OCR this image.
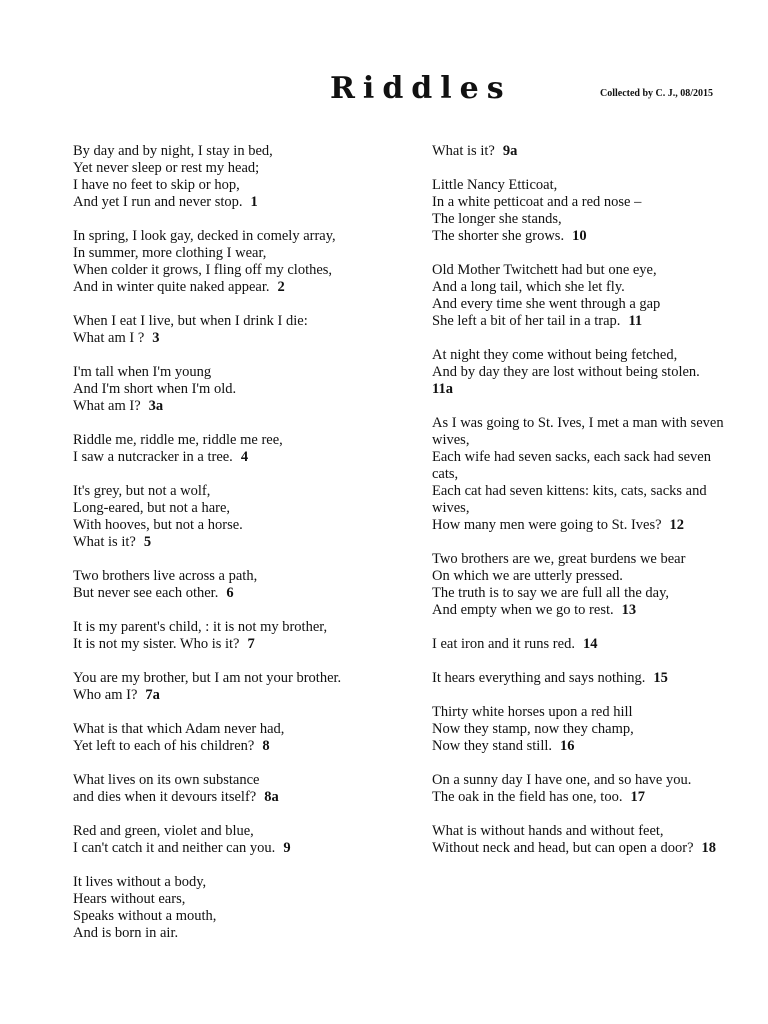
Riddles	Collected by C. J., 08/2015
By day and by night, I stay in bed,
Yet never sleep or rest my head;
I have no feet to skip or hop,
And yet I run and never stop. 1
In spring, I look gay, decked in comely array,
In summer, more clothing I wear,
When colder it grows, I fling off my clothes,
And in winter quite naked appear. 2
When I eat I live, but when I drink I die:
What am I ? 3
I'm tall when I'm young
And I'm short when I'm old.
What am I? 3a
Riddle me, riddle me, riddle me ree,
I saw a nutcracker in a tree. 4
It's grey, but not a wolf,
Long-eared, but not a hare,
With hooves, but not a horse.
What is it? 5
Two brothers live across a path,
But never see each other. 6
It is my parent's child, : it is not my brother,
It is not my sister. Who is it? 7
You are my brother, but I am not your brother.
Who am I? 7a
What is that which Adam never had,
Yet left to each of his children? 8
What lives on its own substance
and dies when it devours itself? 8a
Red and green, violet and blue,
I can't catch it and neither can you. 9
It lives without a body,
Hears without ears,
Speaks without a mouth,
And is born in air.
What is it? 9a
Little Nancy Etticoat,
In a white petticoat and a red nose –
The longer she stands,
The shorter she grows. 10
Old Mother Twitchett had but one eye,
And a long tail, which she let fly.
And every time she went through a gap
She left a bit of her tail in a trap. 11
At night they come without being fetched,
And by day they are lost without being stolen.
11a
As I was going to St. Ives, I met a man with seven
wives,
Each wife had seven sacks, each sack had seven
cats,
Each cat had seven kittens: kits, cats, sacks and
wives,
How many men were going to St. Ives? 12
Two brothers are we, great burdens we bear
On which we are utterly pressed.
The truth is to say we are full all the day,
And empty when we go to rest. 13
I eat iron and it runs red. 14
It hears everything and says nothing. 15
Thirty white horses upon a red hill
Now they stamp, now they champ,
Now they stand still. 16
On a sunny day I have one, and so have you.
The oak in the field has one, too. 17
What is without hands and without feet,
Without neck and head, but can open a door? 18
